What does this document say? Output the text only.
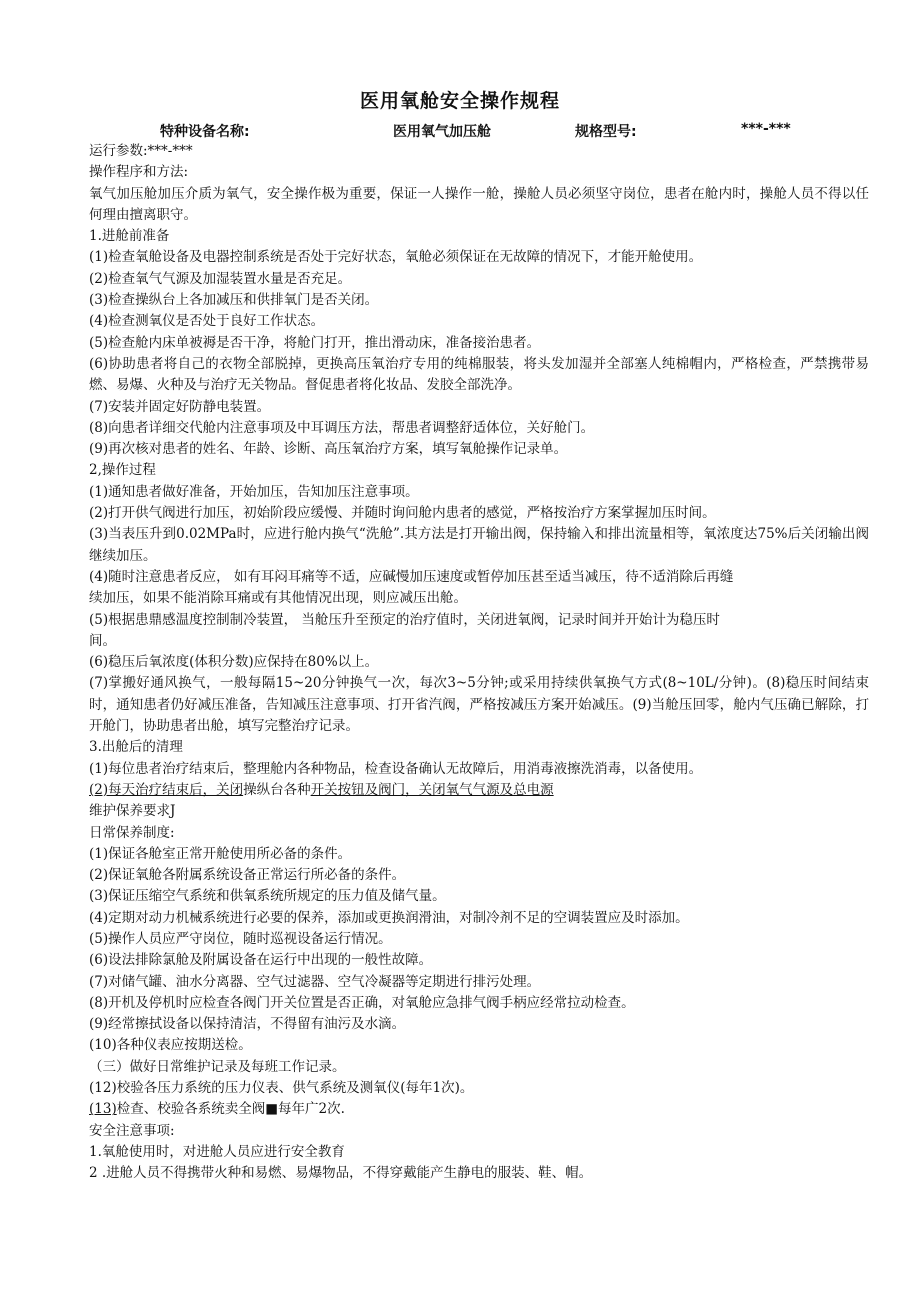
医用氧舱安全操作规程
特种设备名称:	医用氧气加压舱	规格型号:	***-***

运行参数:***-***

操作程序和方法:

氧气加压舱加压介质为氧气，安全操作极为重要，保证一人操作一舱，操舱人员必须坚守岗位，患者在舱内时，操舱人员不得以任何理由擅离职守。

1.进舱前准备

(1)检查氧舱设备及电器控制系统是否处于完好状态，氧舱必须保证在无故障的情况下，才能开舱使用。

(2)检查氧气气源及加湿装置水量是否充足。

(3)检查操纵台上各加减压和供排氧门是否关闭。

(4)检查测氧仪是否处于良好工作状态。

(5)检查舱内床单被褥是否干净，将舱门打开，推出滑动床，准备接治患者。

(6)协助患者将自己的衣物全部脱掉，更换高压氧治疗专用的纯棉服装，将头发加湿并全部塞人纯棉帽内，严格检查，严禁携带易燃、易爆、火种及与治疗无关物品。督促患者将化妆品、发胶全部洗净。

(7)安装并固定好防静电装置。

(8)向患者详细交代舱内注意事项及中耳调压方法，帮患者调整舒适体位，关好舱门。

(9)再次核对患者的姓名、年龄、诊断、高压氧治疗方案，填写氧舱操作记录单。

2,操作过程

(1)通知患者做好准备，开始加压，告知加压注意事项。

(2)打开供气阀进行加压，初始阶段应缓慢、并随时询问舱内患者的感觉，严格按治疗方案掌握加压时间。

(3)当表压升到0.02MPa时，应进行舱内换气“洗舱”.其方法是打开输出阀，保持输入和排出流量相等，氧浓度达75%后关闭输出阀继续加压。

(4)随时注意患者反应， 如有耳闷耳痛等不适，应碱慢加压速度或暂停加压甚至适当减压，待不适消除后再缝

续加压，如果不能消除耳痛或有其他情况出现，则应减压出舱。

(5)根据患鼎感温度控制制冷装置， 当舱压升至预定的治疗值时，关闭进氧阀，记录时间并开始计为稳压时

间。

(6)稳压后氧浓度(体积分数)应保持在80%以上。

(7)掌搬好通风换气，一般每隔15~20分钟换气一次，每次3~5分钟;或采用持续供氧换气方式(8~10L/分钟)。(8)稳压时间结束时，通知患者仍好减压准备，告知减压注意事项、打开省汽阀，严格按减压方案开始减压。(9)当舱压回零，舱内气压确已解除，打开舱门，协助患者出舱，填写完整治疗记录。

3.出舱后的清理

(1)每位患者治疗结束后，整理舱内各种物品，检查设备确认无故障后，用消毒液擦洗消毒，以备使用。

(2)每天治疗结束后，关闭操纵台各种开关按钮及阀门，关闭氧气气源及总电源

维护保养要求J

日常保养制度:

(1)保证各舱室正常开舱使用所必备的条件。

(2)保证氧舱各附属系统设备正常运行所必备的条件。

(3)保证压缩空气系统和供氧系统所规定的压力值及储气量。

(4)定期对动力机械系统进行必要的保养，添加或更换润滑油，对制冷剂不足的空调装置应及时添加。

(5)操作人员应严守岗位，随时巡视设备运行情况。

(6)设法排除氯舱及附属设备在运行中出现的一般性故障。

(7)对储气罐、油水分离器、空气过滤器、空气冷凝器等定期进行排污处理。

(8)开机及停机时应检查各阀门开关位置是否正确，对氧舱应急排气阀手柄应经常拉动检查。

(9)经常擦拭设备以保持清洁，不得留有油污及水滴。

(10)各种仪表应按期送检。

（三）做好日常维护记录及每班工作记录。

(12)校验各压力系统的压力仪表、供气系统及测氧仪(每年1次)。

(13)检查、校验各系统卖全阀■每年广2次.

安全注意事项:

1.氧舱使用时，对进舱人员应进行安全教育

2 .进舱人员不得携带火种和易燃、易爆物品，不得穿戴能产生静电的服装、鞋、帽。
